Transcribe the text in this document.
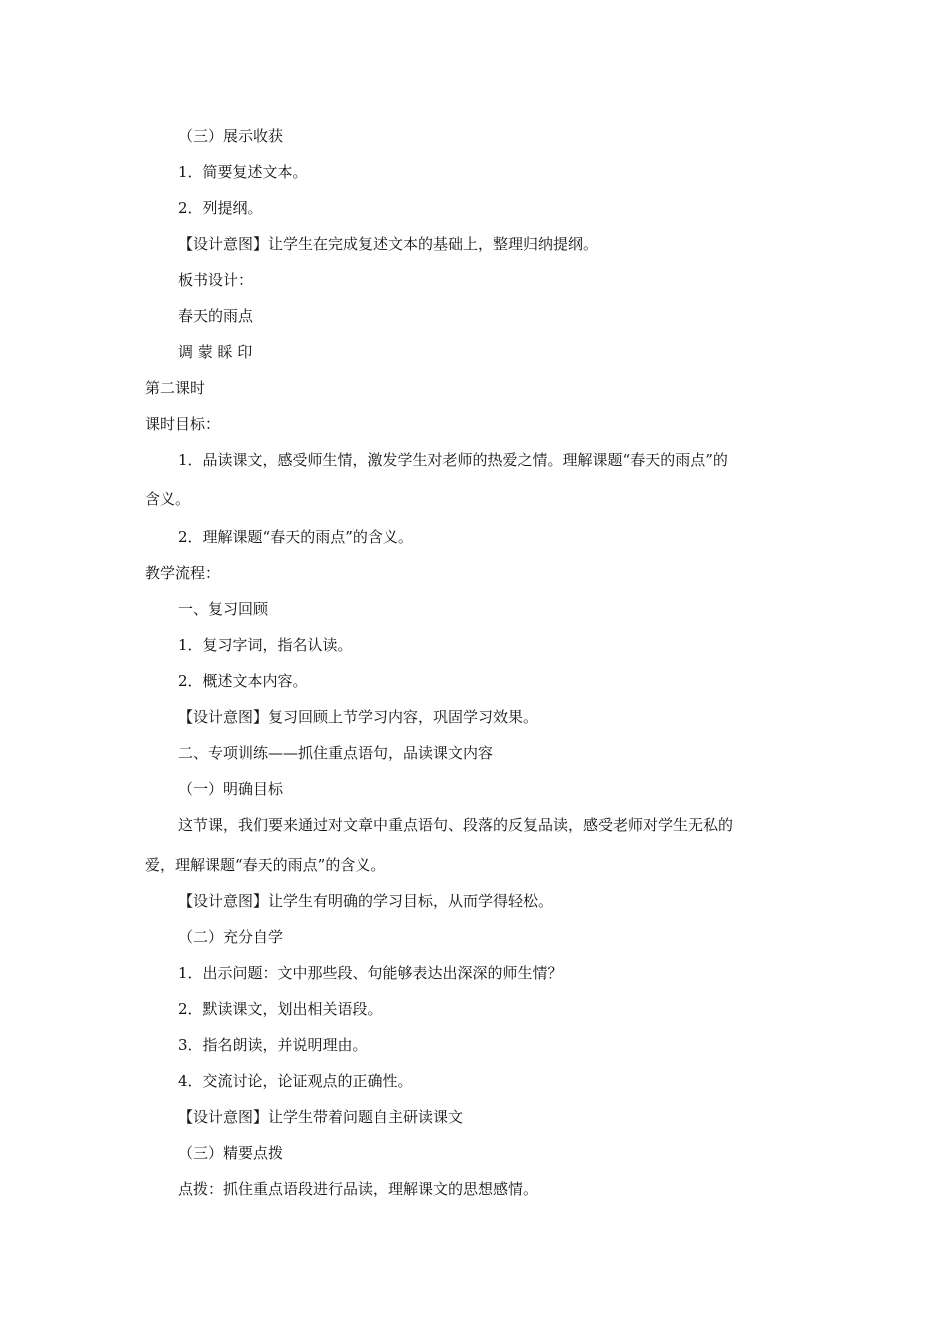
（三）展示收获
1．简要复述文本。
2．列提纲。
【设计意图】让学生在完成复述文本的基础上，整理归纳提纲。
板书设计：
春天的雨点
调 蒙 睬 印
第二课时
课时目标：
1．品读课文，感受师生情，激发学生对老师的热爱之情。理解课题“春天的雨点”的
含义。
2．理解课题“春天的雨点”的含义。
教学流程：
一、复习回顾
1．复习字词，指名认读。
2．概述文本内容。
【设计意图】复习回顾上节学习内容，巩固学习效果。
二、专项训练——抓住重点语句，品读课文内容
（一）明确目标
这节课，我们要来通过对文章中重点语句、段落的反复品读，感受老师对学生无私的
爱，理解课题“春天的雨点”的含义。
【设计意图】让学生有明确的学习目标，从而学得轻松。
（二）充分自学
1．出示问题：文中那些段、句能够表达出深深的师生情？
2．默读课文，划出相关语段。
3．指名朗读，并说明理由。
4．交流讨论，论证观点的正确性。
【设计意图】让学生带着问题自主研读课文
（三）精要点拨
点拨：抓住重点语段进行品读，理解课文的思想感情。
